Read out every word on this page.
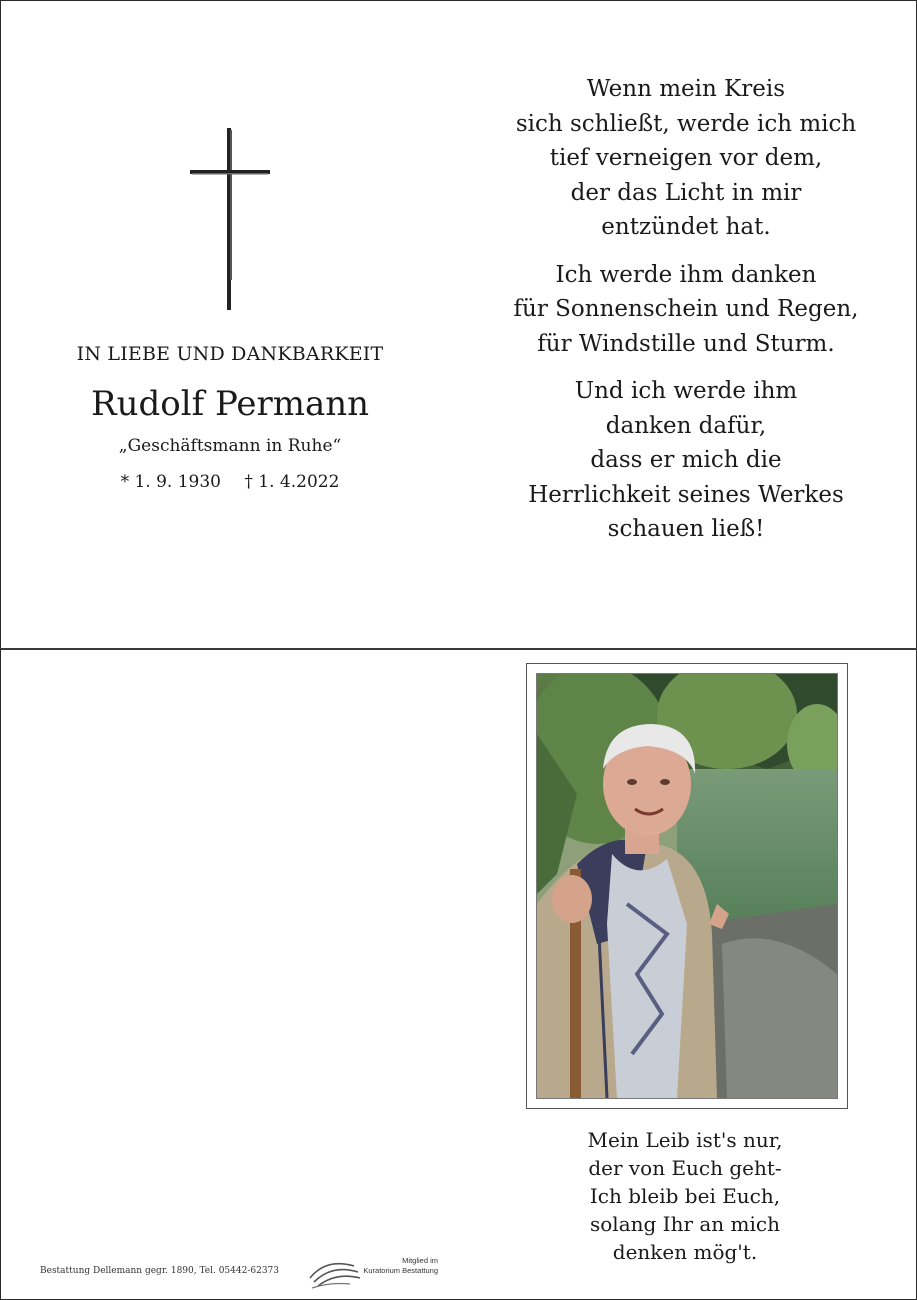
IN LIEBE UND DANKBARKEIT
Rudolf Permann
„Geschäftsmann in Ruhe“
* 1. 9. 1930 † 1. 4.2022
Wenn mein Kreis
sich schließt, werde ich mich
tief verneigen vor dem,
der das Licht in mir
entzündet hat.
Ich werde ihm danken
für Sonnenschein und Regen,
für Windstille und Sturm.
Und ich werde ihm
danken dafür,
dass er mich die
Herrlichkeit seines Werkes
schauen ließ!
Mein Leib ist's nur,
der von Euch geht-
Ich bleib bei Euch,
solang Ihr an mich
denken mög't.
Bestattung Dellemann gegr. 1890, Tel. 05442-62373
Mitglied im
Kuratorium Bestattung
